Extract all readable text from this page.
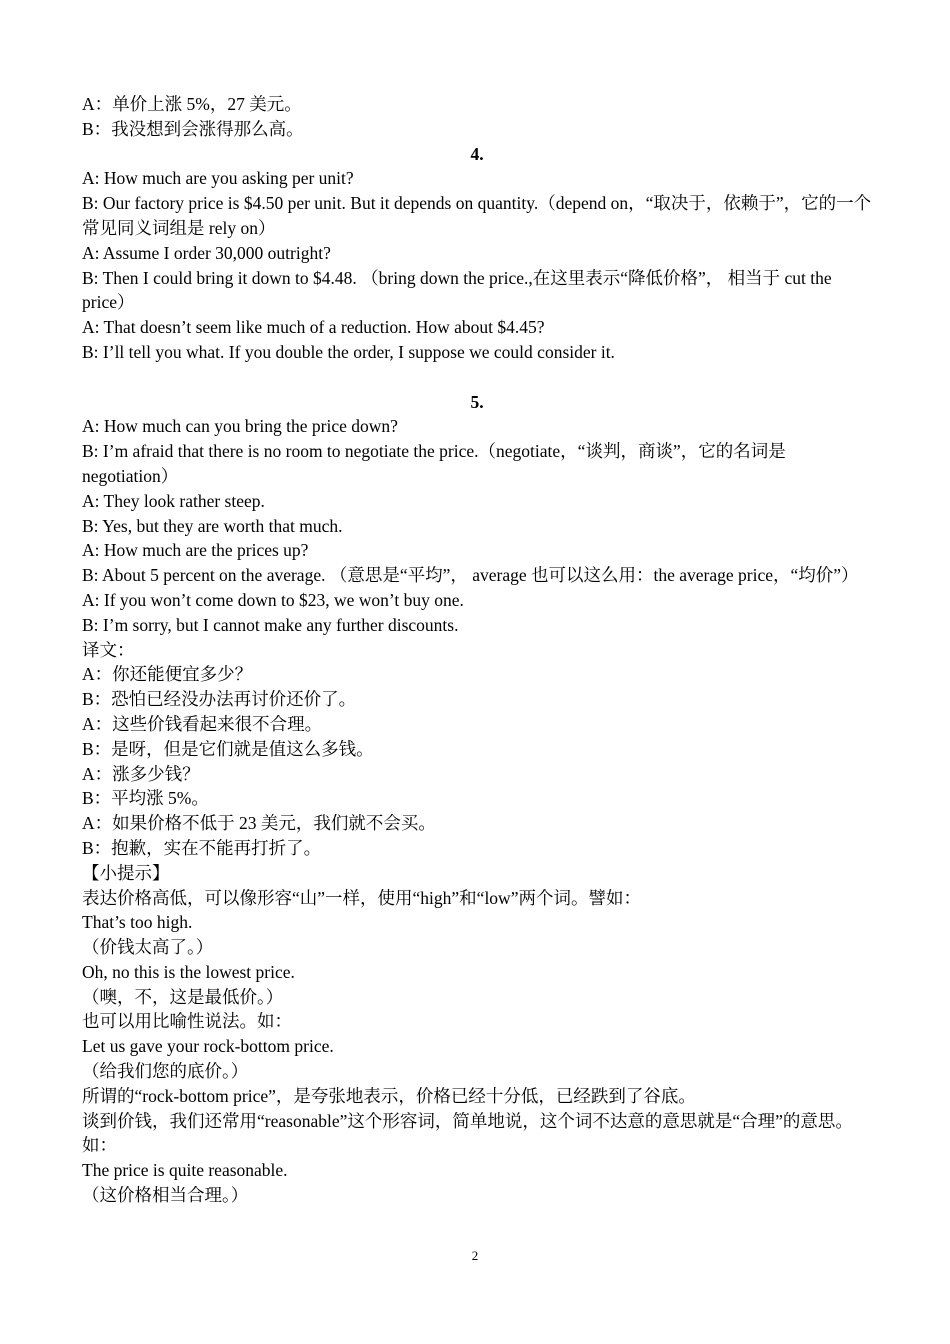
A：单价上涨 5%，27 美元。
B：我没想到会涨得那么高。
4.
A: How much are you asking per unit?
B: Our factory price is $4.50 per unit. But it depends on quantity.（depend on，“取决于，依赖于”，它的一个常见同义词组是 rely on）
A: Assume I order 30,000 outright?
B: Then I could bring it down to $4.48. （bring down the price.,在这里表示“降低价格”， 相当于 cut the price）
A: That doesn’t seem like much of a reduction. How about $4.45?
B: I’ll tell you what. If you double the order, I suppose we could consider it.
5.
A: How much can you bring the price down?
B: I’m afraid that there is no room to negotiate the price.（negotiate，“谈判，商谈”，它的名词是 negotiation）
A: They look rather steep.
B: Yes, but they are worth that much.
A: How much are the prices up?
B: About 5 percent on the average. （意思是“平均”， average 也可以这么用：the average price，“均价”）
A: If you won’t come down to $23, we won’t buy one.
B: I’m sorry, but I cannot make any further discounts.
译文：
A：你还能便宜多少？
B：恐怕已经没办法再讨价还价了。
A：这些价钱看起来很不合理。
B：是呀，但是它们就是值这么多钱。
A：涨多少钱？
B：平均涨 5%。
A：如果价格不低于 23 美元，我们就不会买。
B：抱歉，实在不能再打折了。
【小提示】
表达价格高低，可以像形容“山”一样，使用“high”和“low”两个词。譬如：
That’s too high.
（价钱太高了。）
Oh, no this is the lowest price.
（噢，不，这是最低价。）
也可以用比喻性说法。如：
Let us gave your rock-bottom price.
（给我们您的底价。）
所谓的“rock-bottom price”，是夸张地表示，价格已经十分低，已经跌到了谷底。
谈到价钱，我们还常用“reasonable”这个形容词，简单地说，这个词不达意的意思就是“合理”的意思。如：
The price is quite reasonable.
（这价格相当合理。）
2
